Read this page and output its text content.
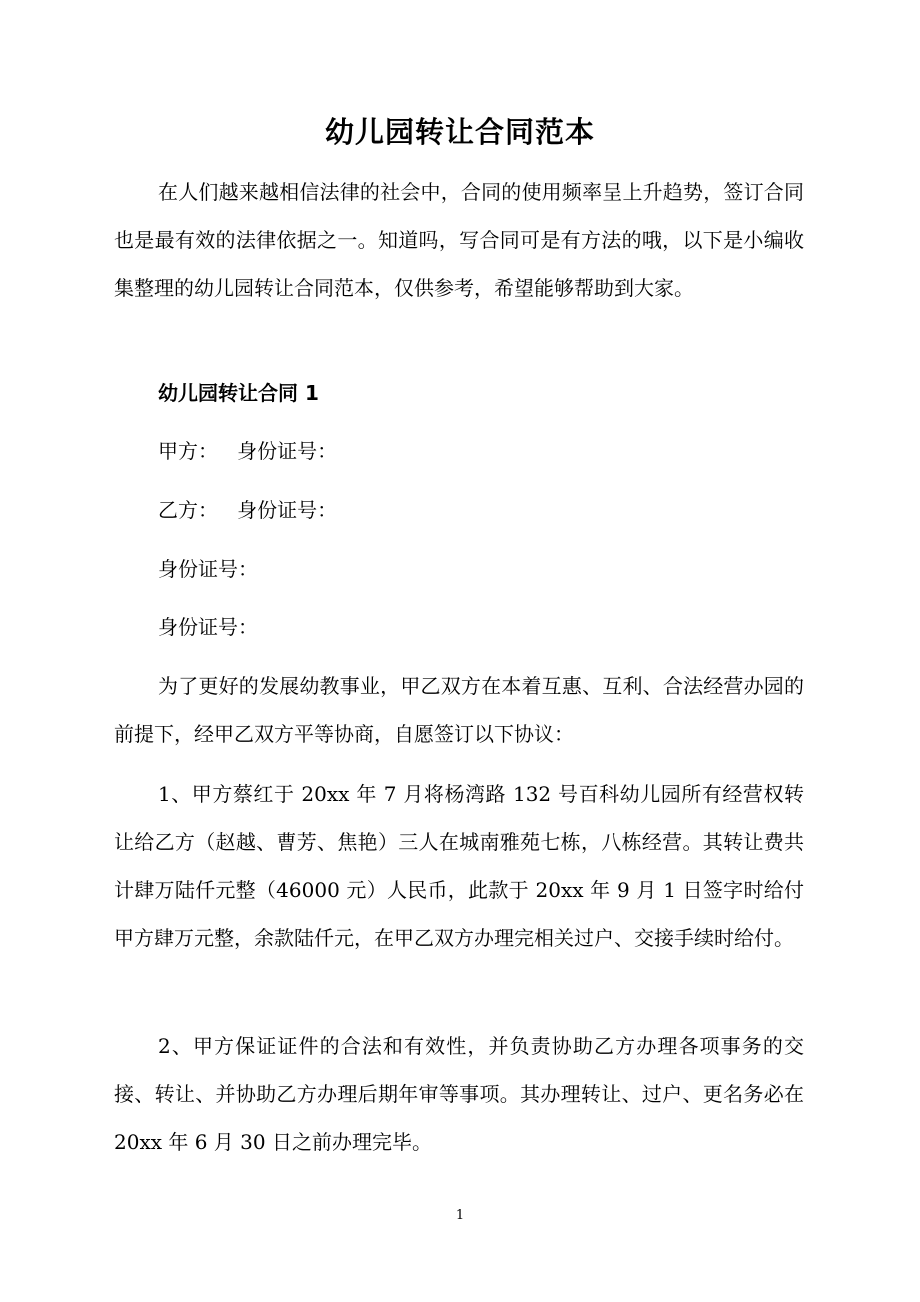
幼儿园转让合同范本

在人们越来越相信法律的社会中，合同的使用频率呈上升趋势，签订合同也是最有效的法律依据之一。知道吗，写合同可是有方法的哦，以下是小编收集整理的幼儿园转让合同范本，仅供参考，希望能够帮助到大家。

幼儿园转让合同 1
甲方：   身份证号：
乙方：   身份证号：
身份证号：
身份证号：

为了更好的发展幼教事业，甲乙双方在本着互惠、互利、合法经营办园的前提下，经甲乙双方平等协商，自愿签订以下协议：

1、甲方蔡红于 20xx 年 7 月将杨湾路 132 号百科幼儿园所有经营权转让给乙方（赵越、曹芳、焦艳）三人在城南雅苑七栋，八栋经营。其转让费共计肆万陆仟元整（46000 元）人民币，此款于 20xx 年 9 月 1 日签字时给付甲方肆万元整，余款陆仟元，在甲乙双方办理完相关过户、交接手续时给付。

2、甲方保证证件的合法和有效性，并负责协助乙方办理各项事务的交接、转让、并协助乙方办理后期年审等事项。其办理转让、过户、更名务必在 20xx 年 6 月 30 日之前办理完毕。

1
